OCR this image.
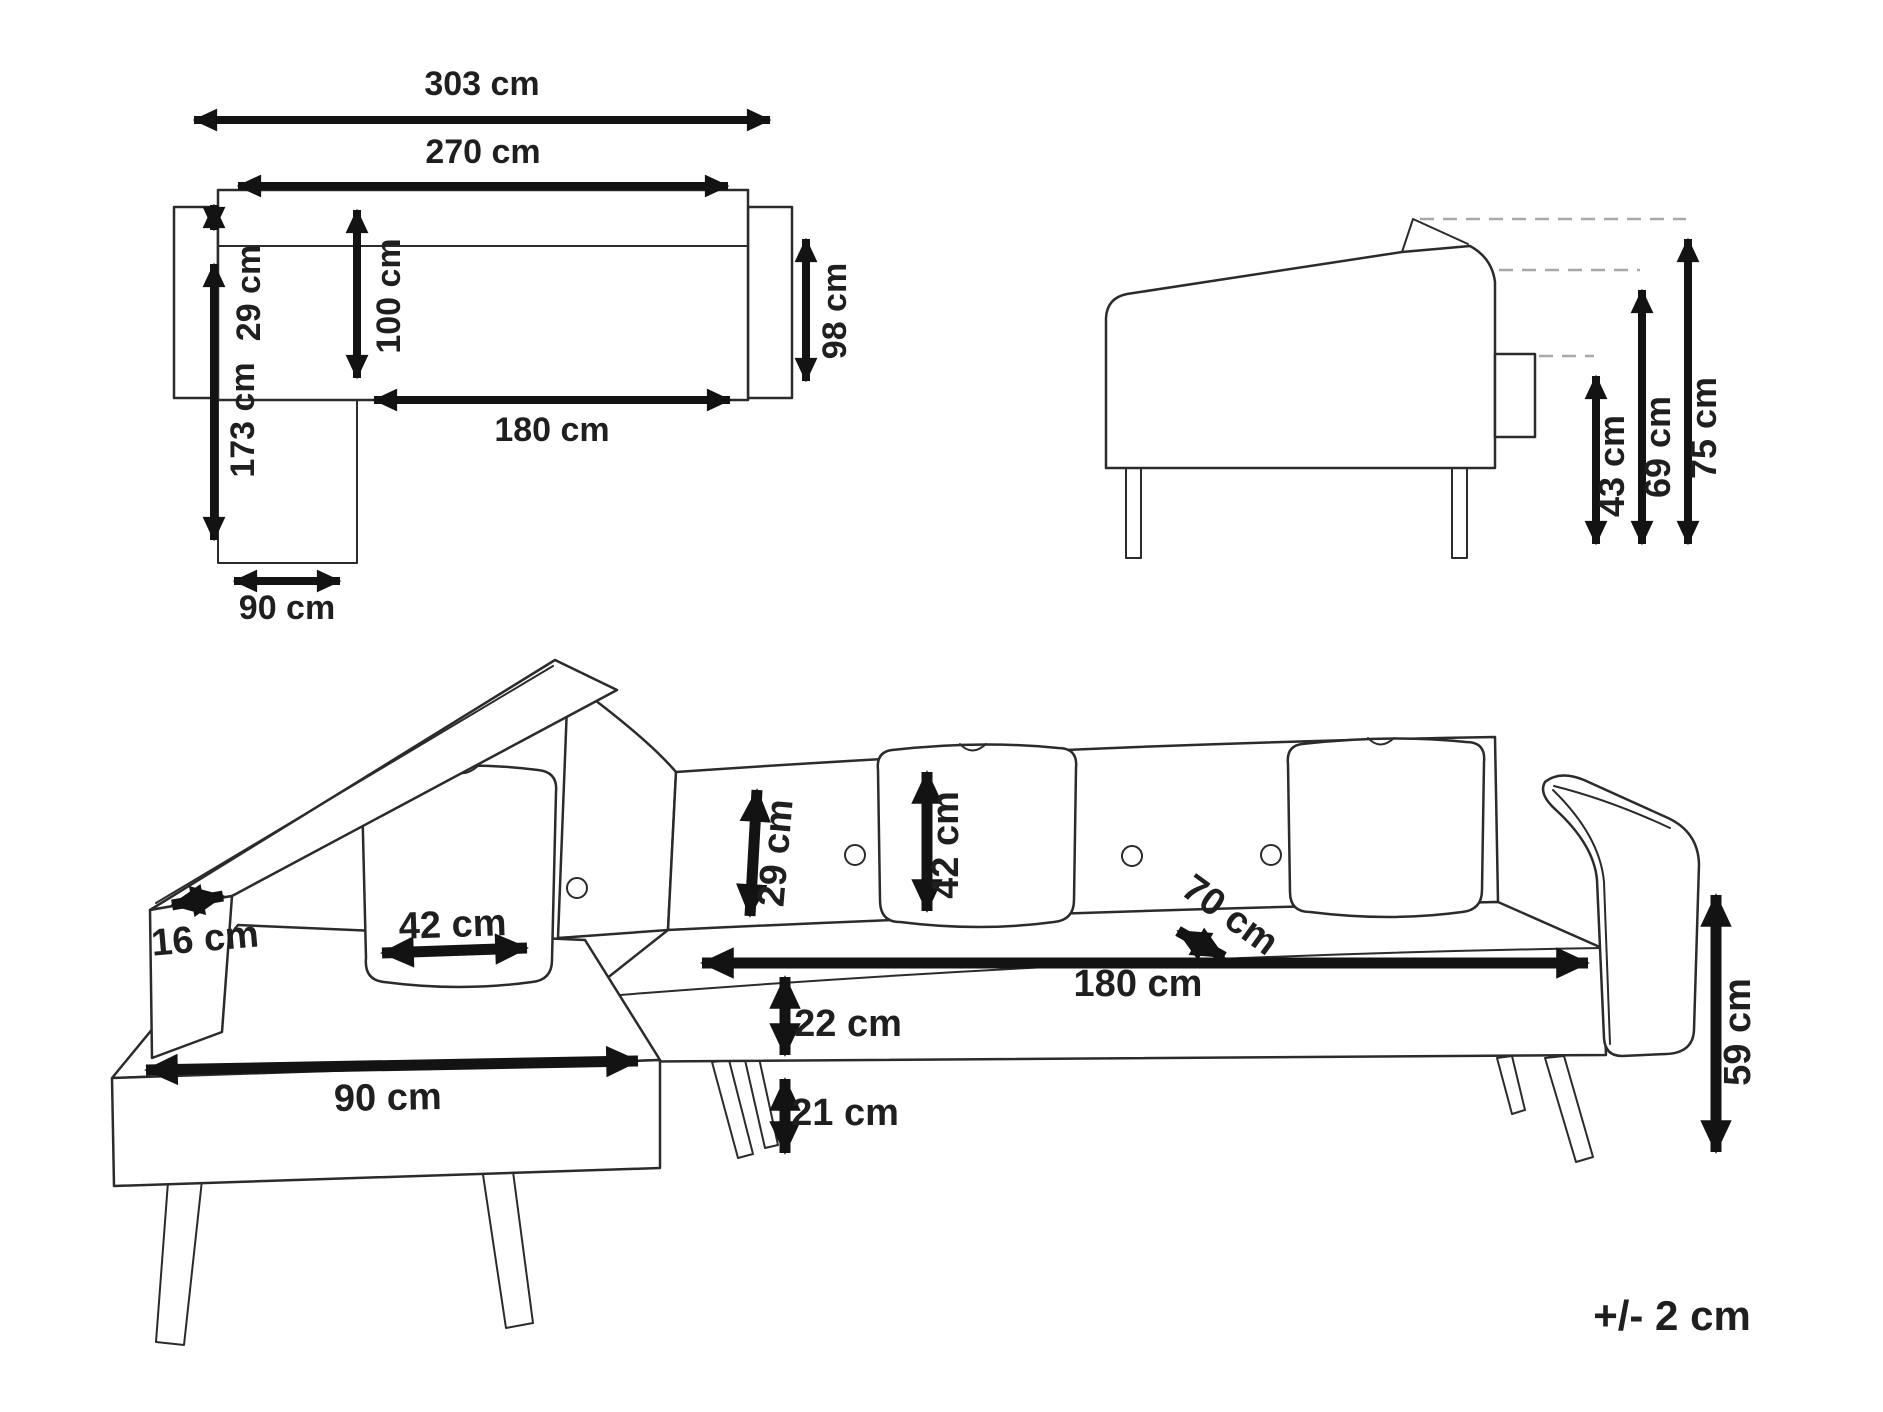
303 cm
270 cm
29 cm	100 cm
173 cm	180 cm
98 cm
90 cm
43 cm 69 cm 75 cm
16 cm	42 cm
29 cm	42 cm
70 cm
180 cm
90 cm
22 cm
21 cm
59 cm
+/- 2 cm
